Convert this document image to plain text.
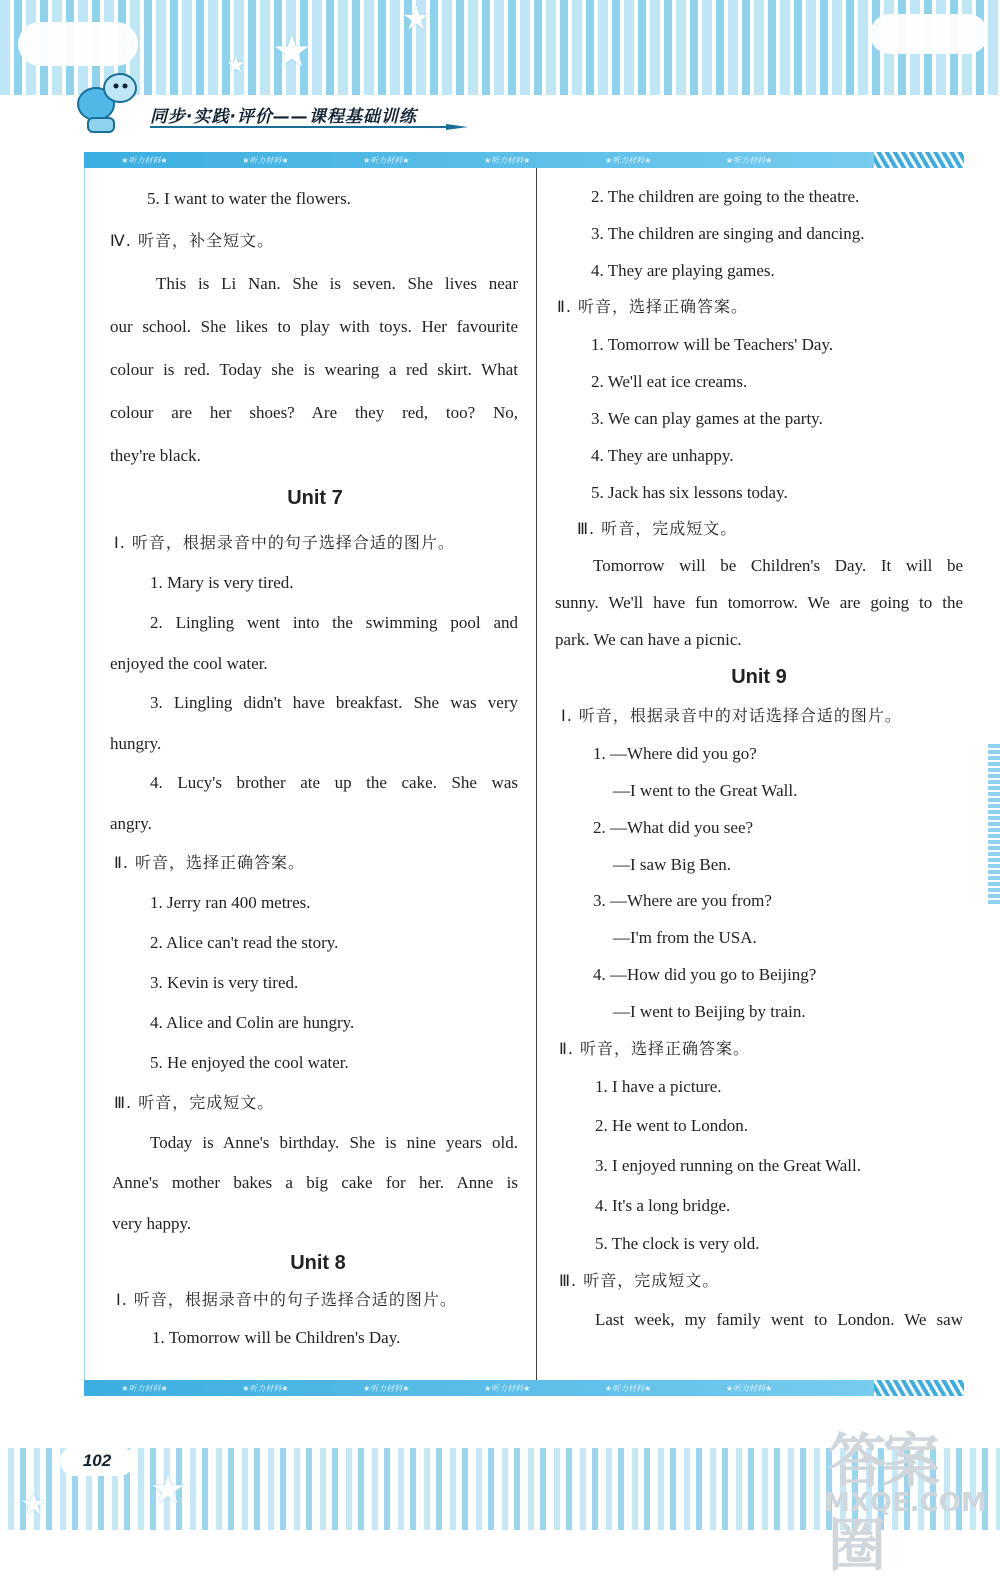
★
★
★
同步·实践·评价——课程基础训练
★听力材料★	★听力材料★	★听力材料★	★听力材料★	★听力材料★	★听力材料★
5. I want to water the flowers.
Ⅳ. 听音，补全短文。
This is Li Nan. She is seven. She lives near
our school. She likes to play with toys. Her favourite
colour is red. Today she is wearing a red skirt. What
colour are her shoes? Are they red, too? No,
they're black.
Unit 7
Ⅰ. 听音，根据录音中的句子选择合适的图片。
1. Mary is very tired.
2. Lingling went into the swimming pool and
enjoyed the cool water.
3. Lingling didn't have breakfast. She was very
hungry.
4. Lucy's brother ate up the cake. She was
angry.
Ⅱ. 听音，选择正确答案。
1. Jerry ran 400 metres.
2. Alice can't read the story.
3. Kevin is very tired.
4. Alice and Colin are hungry.
5. He enjoyed the cool water.
Ⅲ. 听音，完成短文。
Today is Anne's birthday. She is nine years old.
Anne's mother bakes a big cake for her. Anne is
very happy.
Unit 8
Ⅰ. 听音，根据录音中的句子选择合适的图片。
1. Tomorrow will be Children's Day.
2. The children are going to the theatre.
3. The children are singing and dancing.
4. They are playing games.
Ⅱ. 听音，选择正确答案。
1. Tomorrow will be Teachers' Day.
2. We'll eat ice creams.
3. We can play games at the party.
4. They are unhappy.
5. Jack has six lessons today.
Ⅲ. 听音，完成短文。
Tomorrow will be Children's Day. It will be
sunny. We'll have fun tomorrow. We are going to the
park. We can have a picnic.
Unit 9
Ⅰ. 听音，根据录音中的对话选择合适的图片。
1. —Where did you go?
—I went to the Great Wall.
2. —What did you see?
—I saw Big Ben.
3. —Where are you from?
—I'm from the USA.
4. —How did you go to Beijing?
—I went to Beijing by train.
Ⅱ. 听音，选择正确答案。
1. I have a picture.
2. He went to London.
3. I enjoyed running on the Great Wall.
4. It's a long bridge.
5. The clock is very old.
Ⅲ. 听音，完成短文。
Last week, my family went to London. We saw
★听力材料★	★听力材料★	★听力材料★	★听力材料★	★听力材料★	★听力材料★
★
★
102	答案圈
MXQE.COM
